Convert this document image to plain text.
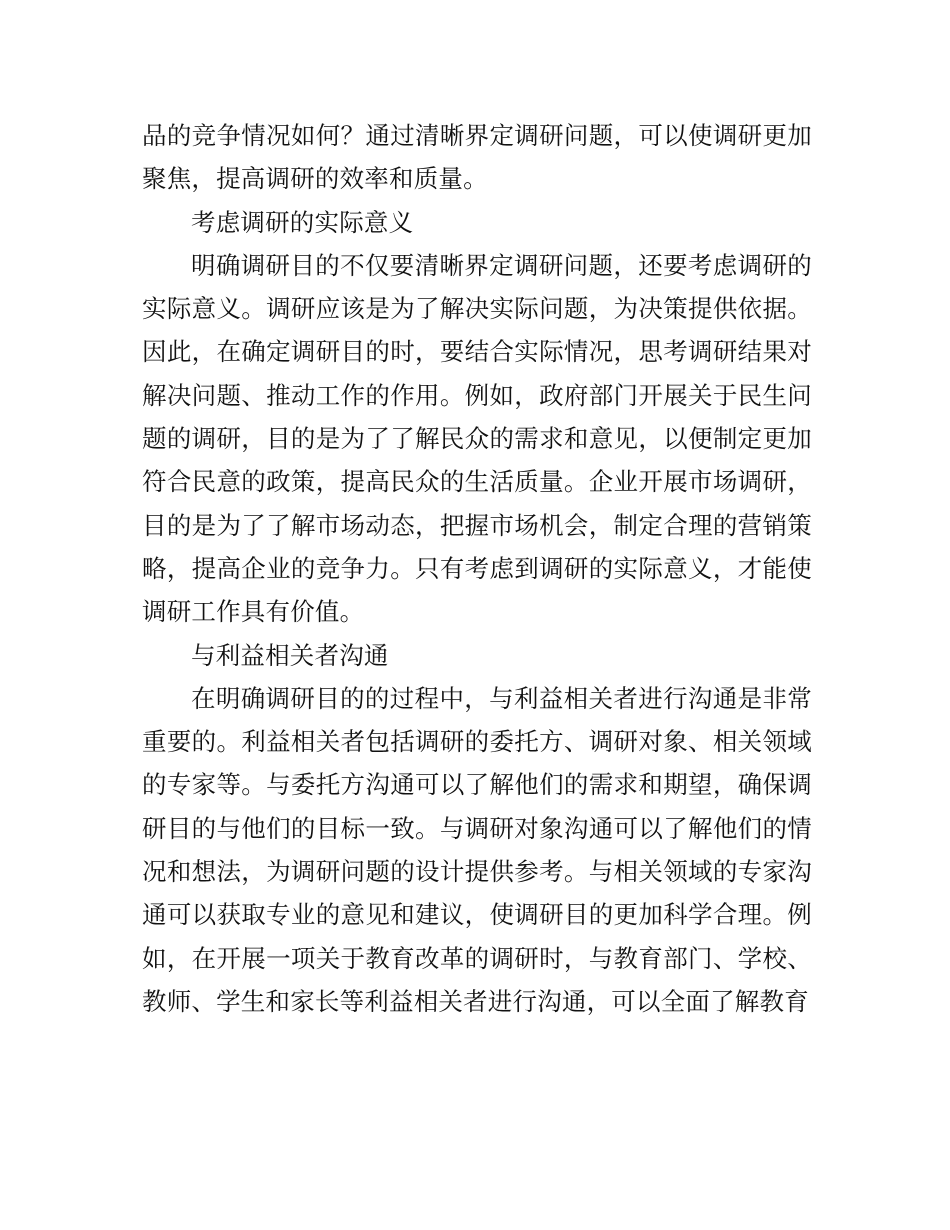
品的竞争情况如何？通过清晰界定调研问题，可以使调研更加聚焦，提高调研的效率和质量。

考虑调研的实际意义

明确调研目的不仅要清晰界定调研问题，还要考虑调研的实际意义。调研应该是为了解决实际问题，为决策提供依据。因此，在确定调研目的时，要结合实际情况，思考调研结果对解决问题、推动工作的作用。例如，政府部门开展关于民生问题的调研，目的是为了了解民众的需求和意见，以便制定更加符合民意的政策，提高民众的生活质量。企业开展市场调研，目的是为了了解市场动态，把握市场机会，制定合理的营销策略，提高企业的竞争力。只有考虑到调研的实际意义，才能使调研工作具有价值。

与利益相关者沟通

在明确调研目的的过程中，与利益相关者进行沟通是非常重要的。利益相关者包括调研的委托方、调研对象、相关领域的专家等。与委托方沟通可以了解他们的需求和期望，确保调研目的与他们的目标一致。与调研对象沟通可以了解他们的情况和想法，为调研问题的设计提供参考。与相关领域的专家沟通可以获取专业的意见和建议，使调研目的更加科学合理。例如，在开展一项关于教育改革的调研时，与教育部门、学校、教师、学生和家长等利益相关者进行沟通，可以全面了解教育
